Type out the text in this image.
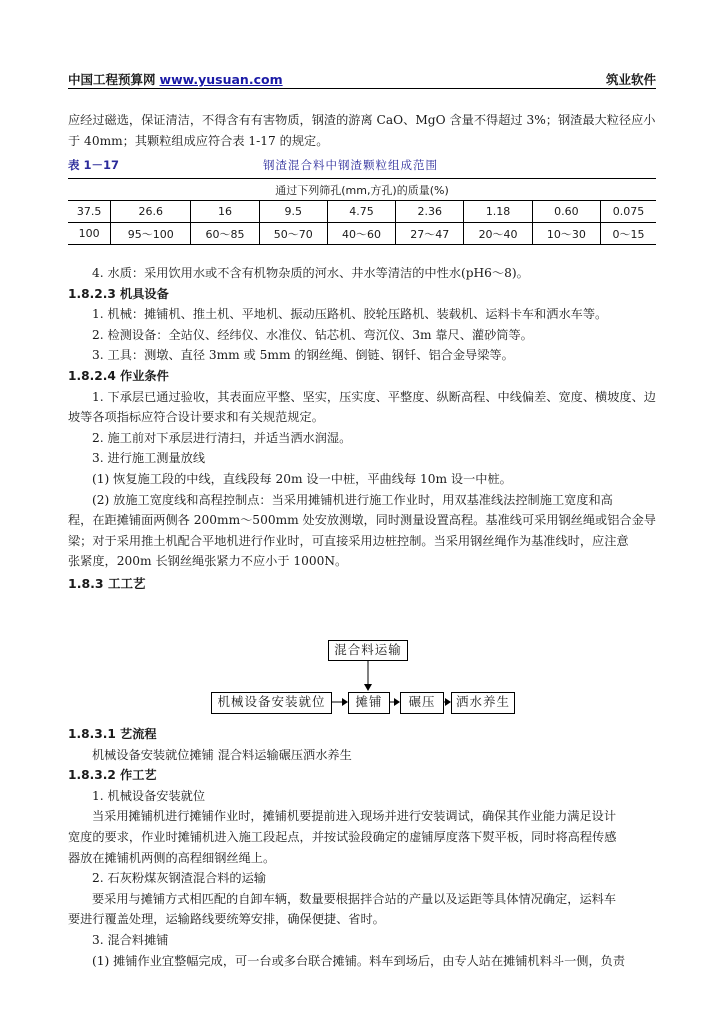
中国工程预算网 www.yusuan.com	筑业软件
应经过磁选，保证清洁，不得含有有害物质，钢渣的游离 CaO、MgO 含量不得超过 3%；钢渣最大粒径应小
于 40mm；其颗粒组成应符合表 1-17 的规定。
表 1－17	钢渣混合料中钢渣颗粒组成范围
通过下列筛孔(mm,方孔)的质量(%)								
37.5	26.6	16	9.5	4.75	2.36	1.18	0.60	0.075
100	95～100	60～85	50～70	40～60	27～47	20～40	10～30	0～15
4. 水质：采用饮用水或不含有机物杂质的河水、井水等清洁的中性水(pH6～8)。
1.8.2.3 机具设备
1. 机械：摊铺机、推土机、平地机、振动压路机、胶轮压路机、装载机、运料卡车和洒水车等。
2. 检测设备：全站仪、经纬仪、水准仪、钻芯机、弯沉仪、3m 靠尺、灌砂筒等。
3. 工具：测墩、直径 3mm 或 5mm 的钢丝绳、倒链、钢钎、铝合金导梁等。
1.8.2.4 作业条件
1. 下承层已通过验收，其表面应平整、坚实，压实度、平整度、纵断高程、中线偏差、宽度、横坡度、边
坡等各项指标应符合设计要求和有关规范规定。
2. 施工前对下承层进行清扫，并适当洒水润湿。
3. 进行施工测量放线
(1) 恢复施工段的中线，直线段每 20m 设一中桩，平曲线每 10m 设一中桩。
(2) 放施工宽度线和高程控制点：当采用摊铺机进行施工作业时，用双基准线法控制施工宽度和高
程，在距摊铺面两侧各 200mm～500mm 处安放测墩，同时测量设置高程。基准线可采用钢丝绳或铝合金导
梁；对于采用推土机配合平地机进行作业时，可直接采用边桩控制。当采用钢丝绳作为基准线时，应注意
张紧度，200m 长钢丝绳张紧力不应小于 1000N。
1.8.3 工工艺
混合料运输
机械设备安装就位	摊铺	碾压	洒水养生
1.8.3.1 艺流程
机械设备安装就位摊铺 混合料运输碾压洒水养生
1.8.3.2 作工艺
1. 机械设备安装就位
当采用摊铺机进行摊铺作业时，摊铺机要提前进入现场并进行安装调试，确保其作业能力满足设计
宽度的要求，作业时摊铺机进入施工段起点，并按试验段确定的虚铺厚度落下熨平板，同时将高程传感
器放在摊铺机两侧的高程细钢丝绳上。
2. 石灰粉煤灰钢渣混合料的运输
要采用与摊铺方式相匹配的自卸车辆，数量要根据拌合站的产量以及运距等具体情况确定，运料车
要进行覆盖处理，运输路线要统筹安排，确保便捷、省时。
3. 混合料摊铺
(1) 摊铺作业宜整幅完成，可一台或多台联合摊铺。料车到场后，由专人站在摊铺机料斗一侧，负责
